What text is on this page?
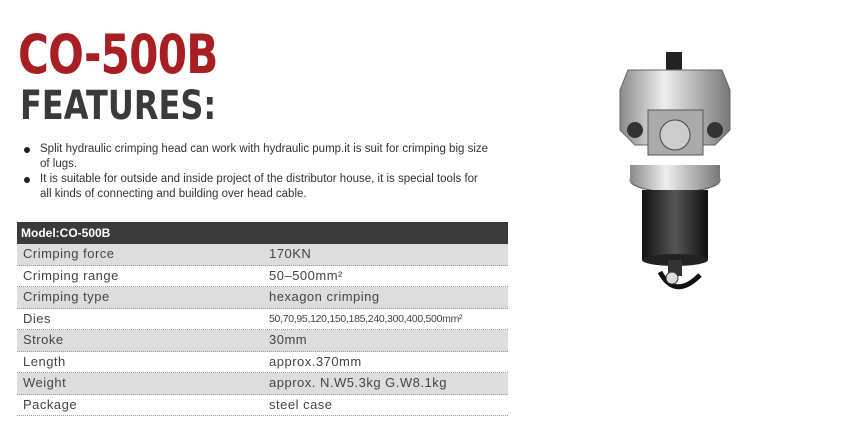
CO-500B
FEATURES:
Split hydraulic crimping head can work with hydraulic pump.it is suit for crimping big size of lugs.
It is suitable for outside and inside project of the distributor house, it is special tools for all kinds of connecting and building over head cable.
Model:CO-500B
Crimping force	170KN
Crimping range	50–500mm²
Crimping type	hexagon crimping
Dies	50,70,95,120,150,185,240,300,400,500mm²
Stroke	30mm
Length	approx.370mm
Weight	approx. N.W5.3kg G.W8.1kg
Package	steel case
